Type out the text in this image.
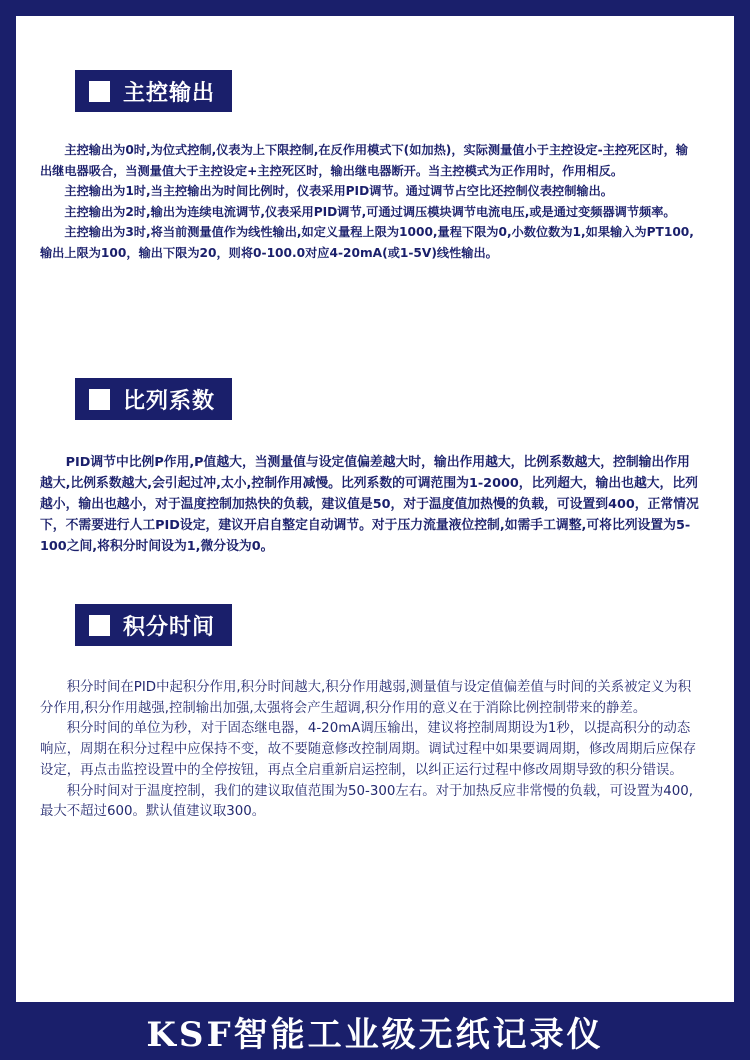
主控输出

主控输出为0时,为位式控制,仪表为上下限控制,在反作用模式下(如加热)，实际测量值小于主控设定-主控死区时，输出继电器吸合，当测量值大于主控设定+主控死区时，输出继电器断开。当主控模式为正作用时，作用相反。

主控输出为1时,当主控输出为时间比例时，仪表采用PID调节。通过调节占空比还控制仪表控制输出。

主控输出为2时,输出为连续电流调节,仪表采用PID调节,可通过调压模块调节电流电压,或是通过变频器调节频率。

主控输出为3时,将当前测量值作为线性输出,如定义量程上限为1000,量程下限为0,小数位数为1,如果输入为PT100,输出上限为100，输出下限为20，则将0-100.0对应4-20mA(或1-5V)线性输出。

比列系数

PID调节中比例P作用,P值越大，当测量值与设定值偏差越大时，输出作用越大，比例系数越大，控制输出作用越大,比例系数越大,会引起过冲,太小,控制作用减慢。比列系数的可调范围为1-2000，比列超大，输出也越大，比列越小，输出也越小，对于温度控制加热快的负载，建议值是50，对于温度值加热慢的负载，可设置到400，正常情况下，不需要进行人工PID设定，建议开启自整定自动调节。对于压力流量液位控制,如需手工调整,可将比列设置为5-100之间,将积分时间设为1,微分设为0。

积分时间

积分时间在PID中起积分作用,积分时间越大,积分作用越弱,测量值与设定值偏差值与时间的关系被定义为积分作用,积分作用越强,控制输出加强,太强将会产生超调,积分作用的意义在于消除比例控制带来的静差。

积分时间的单位为秒，对于固态继电器，4-20mA调压输出，建议将控制周期设为1秒，以提高积分的动态响应，周期在积分过程中应保持不变，故不要随意修改控制周期。调试过程中如果要调周期，修改周期后应保存设定，再点击监控设置中的全停按钮，再点全启重新启运控制，以纠正运行过程中修改周期导致的积分错误。

积分时间对于温度控制，我们的建议取值范围为50-300左右。对于加热反应非常慢的负载，可设置为400,最大不超过600。默认值建议取300。

KSF智能工业级无纸记录仪
